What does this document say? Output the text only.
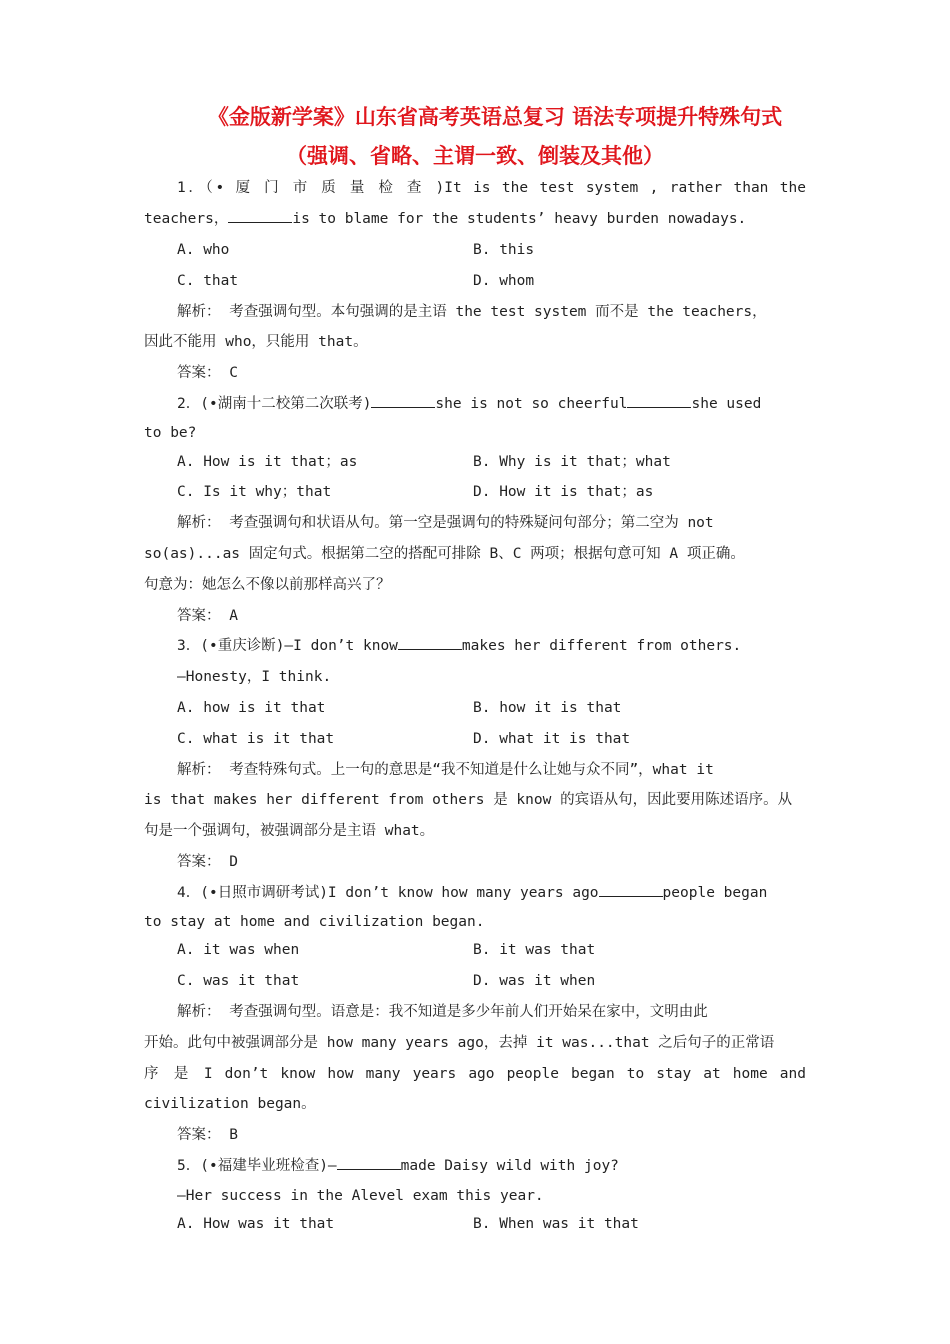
《金版新学案》山东省高考英语总复习 语法专项提升特殊句式
（强调、省略、主谓一致、倒装及其他）
1．（• 厦 门 市 质 量 检 查 )It is the test system , rather than the
teachers，	is to blame for the students’ heavy burden nowadays.
A. who	B. this
C. that	D. whom
解析： 考查强调句型。本句强调的是主语 the test system 而不是 the teachers，
因此不能用 who，只能用 that。
答案： C
2．(•湖南十二校第二次联考)	she is not so cheerful	she used
to be?
A. How is it that；as	B. Why is it that；what
C. Is it why；that	D. How it is that；as
解析： 考查强调句和状语从句。第一空是强调句的特殊疑问句部分；第二空为 not
so(as)...as 固定句式。根据第二空的搭配可排除 B、C 两项；根据句意可知 A 项正确。
句意为：她怎么不像以前那样高兴了？
答案： A
3．(•重庆诊断)—I don’t know	makes her different from others.
—Honesty，I think.
A. how is it that	B. how it is that
C. what is it that	D. what it is that
解析： 考查特殊句式。上一句的意思是“我不知道是什么让她与众不同”，what it
is that makes her different from others 是 know 的宾语从句，因此要用陈述语序。从
句是一个强调句，被强调部分是主语 what。
答案： D
4．(•日照市调研考试)I don’t know how many years ago	people began
to stay at home and civilization began.
A. it was when	B. it was that
C. was it that	D. was it when
解析： 考查强调句型。语意是：我不知道是多少年前人们开始呆在家中，文明由此
开始。此句中被强调部分是 how many years ago，去掉 it was...that 之后句子的正常语
序 是 I don’t know how many years ago people began to stay at home and
civilization began。
答案： B
5．(•福建毕业班检查)—	made Daisy wild with joy?
—Her success in the Alevel exam this year.
A. How was it that	B. When was it that
